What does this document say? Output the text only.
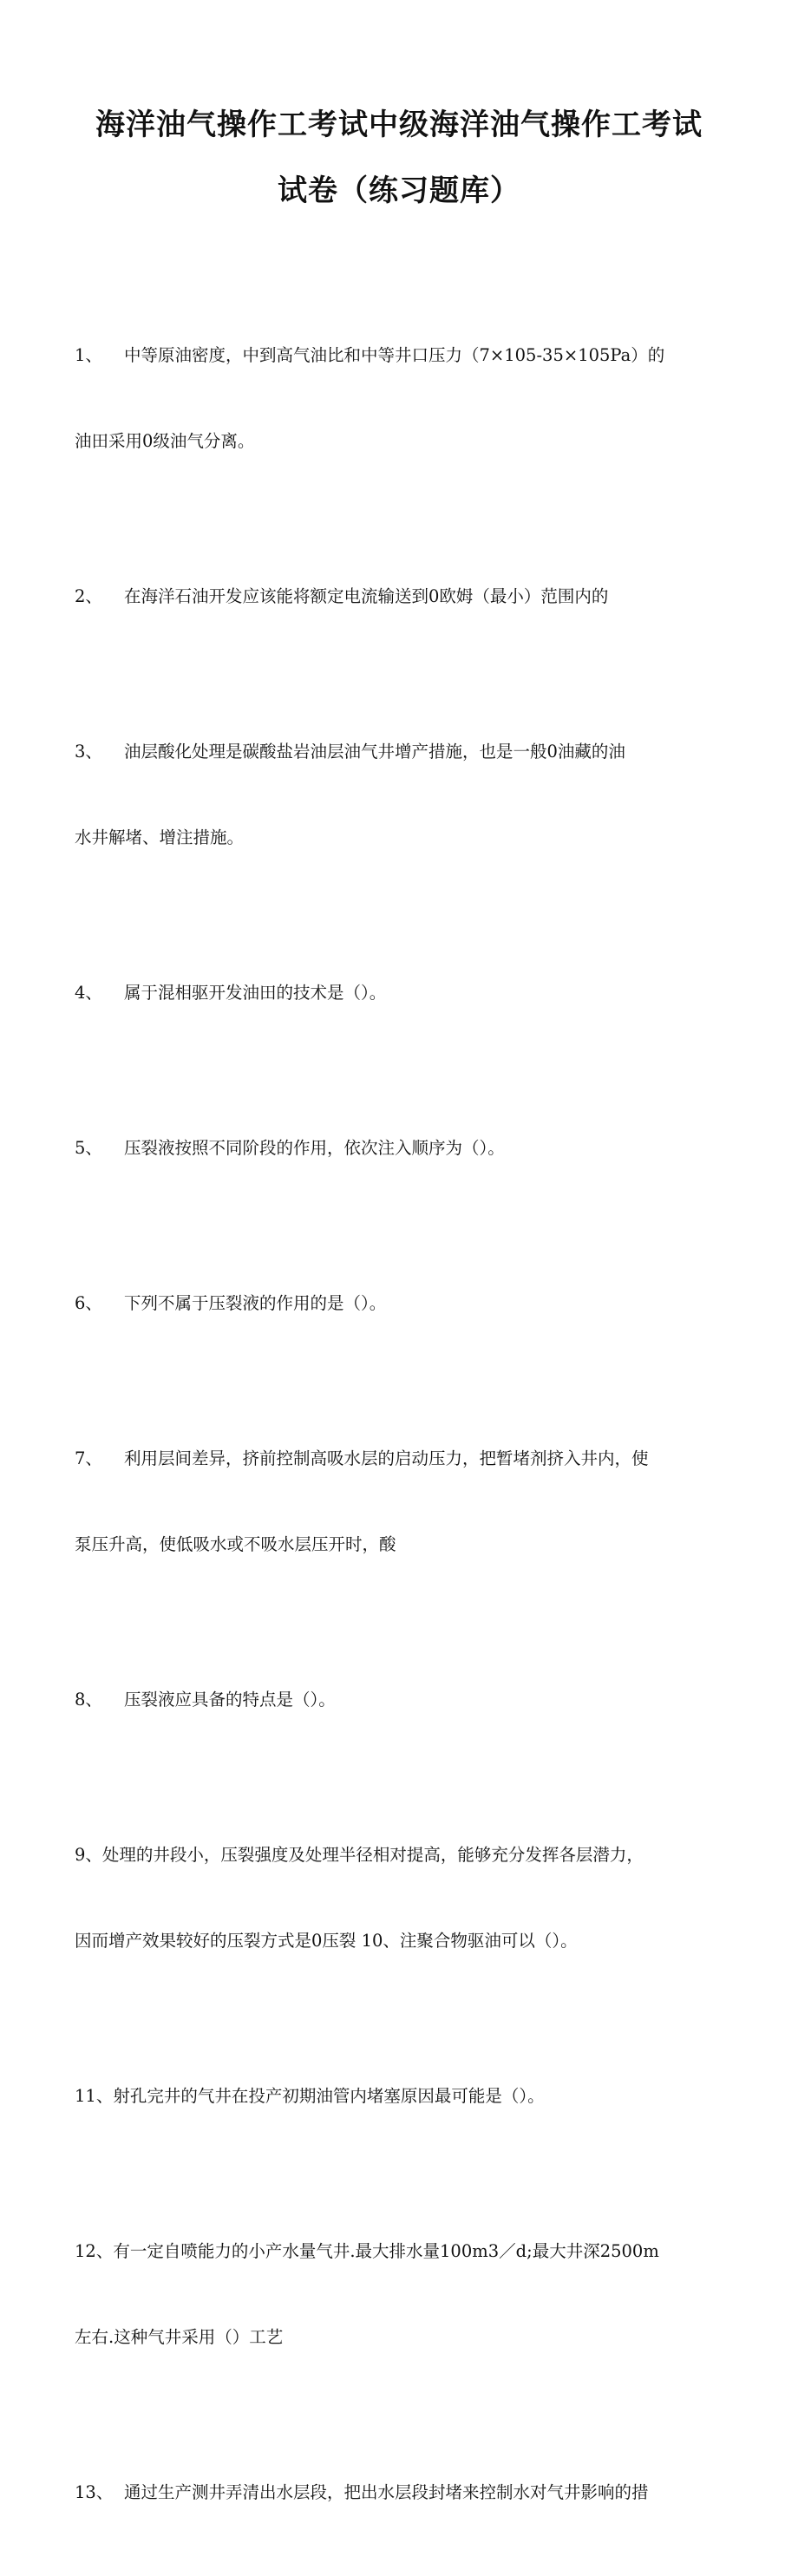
海洋油气操作工考试中级海洋油气操作工考试
试卷（练习题库）

1、 中等原油密度，中到高气油比和中等井口压力（7×105-35×105Pa）的

油田采用0级油气分离。

2、 在海洋石油开发应该能将额定电流输送到0欧姆（最小）范围内的

3、 油层酸化处理是碳酸盐岩油层油气井增产措施，也是一般0油藏的油

水井解堵、增注措施。

4、 属于混相驱开发油田的技术是（）。

5、 压裂液按照不同阶段的作用，依次注入顺序为（）。

6、 下列不属于压裂液的作用的是（）。

7、 利用层间差异，挤前控制高吸水层的启动压力，把暂堵剂挤入井内，使

泵压升高，使低吸水或不吸水层压开时，酸

8、 压裂液应具备的特点是（）。

9、处理的井段小，压裂强度及处理半径相对提高，能够充分发挥各层潜力，

因而增产效果较好的压裂方式是0压裂 10、注聚合物驱油可以（）。

11、射孔完井的气井在投产初期油管内堵塞原因最可能是（）。

12、有一定自喷能力的小产水量气井.最大排水量100m3／d;最大井深2500m

左右.这种气井采用（）工艺

13、 通过生产测井弄清出水层段，把出水层段封堵来控制水对气井影响的措
